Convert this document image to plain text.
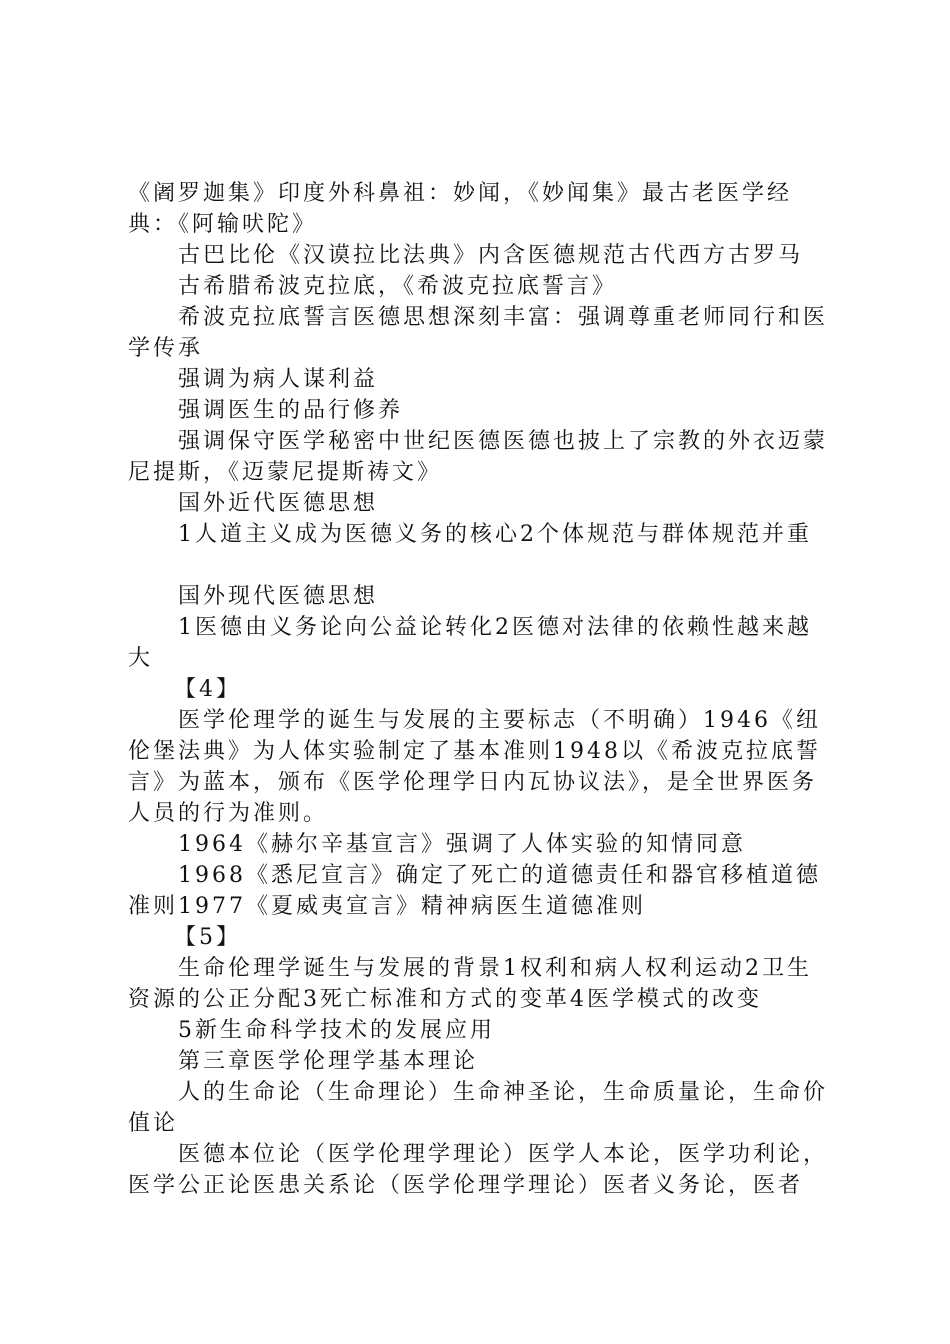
《阇罗迦集》印度外科鼻祖：妙闻，《妙闻集》最古老医学经典：《阿输吠陀》

古巴比伦《汉谟拉比法典》内含医德规范古代西方古罗马

古希腊希波克拉底，《希波克拉底誓言》

希波克拉底誓言医德思想深刻丰富：强调尊重老师同行和医学传承

强调为病人谋利益

强调医生的品行修养

强调保守医学秘密中世纪医德医德也披上了宗教的外衣迈蒙尼提斯，《迈蒙尼提斯祷文》

国外近代医德思想

1人道主义成为医德义务的核心2个体规范与群体规范并重

国外现代医德思想

1医德由义务论向公益论转化2医德对法律的依赖性越来越大

【4】

医学伦理学的诞生与发展的主要标志（不明确）1946《纽伦堡法典》为人体实验制定了基本准则1948以《希波克拉底誓言》为蓝本，颁布《医学伦理学日内瓦协议法》，是全世界医务人员的行为准则。

1964《赫尔辛基宣言》强调了人体实验的知情同意

1968《悉尼宣言》确定了死亡的道德责任和器官移植道德准则1977《夏威夷宣言》精神病医生道德准则

【5】

生命伦理学诞生与发展的背景1权利和病人权利运动2卫生资源的公正分配3死亡标准和方式的变革4医学模式的改变

5新生命科学技术的发展应用

第三章医学伦理学基本理论

人的生命论（生命理论）生命神圣论，生命质量论，生命价值论

医德本位论（医学伦理学理论）医学人本论，医学功利论，医学公正论医患关系论（医学伦理学理论）医者义务论，医者
